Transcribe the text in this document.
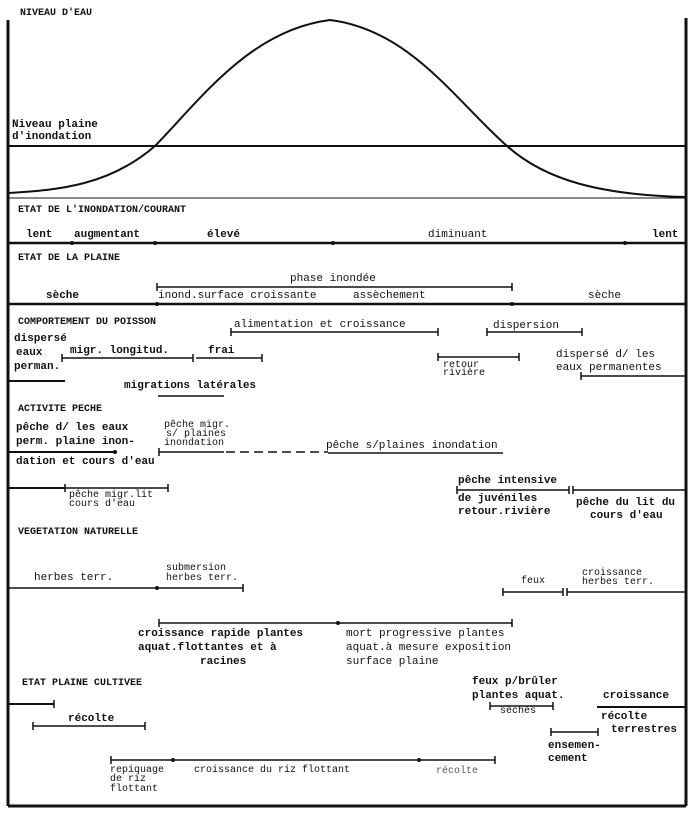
NIVEAU D'EAU
Niveau plaine
d'inondation
ETAT DE L'INONDATION/COURANT
lent augmentant	élevé	diminuant	lent
ETAT DE LA PLAINE
phase inondée
sèche	inond.surface croissante	assèchement	sèche
COMPORTEMENT DU POISSON	alimentation et croissance	dispersion
dispersé
eaux
perman.
migr. longitud.	frai
retour
rivière
dispersé d/ les
eaux permanentes
migrations latérales
ACTIVITE PECHE
pêche d/ les eaux
perm. plaine inon-
dation et cours d'eau
pêche migr.
s/ plaines
inondation	pêche s/plaines inondation
pêche migr.lit
cours d'eau
pêche intensive
de juvéniles
retour.rivière
pêche du lit du
cours d'eau
VEGETATION NATURELLE
herbes terr.
submersion
herbes terr.	feux
croissance
herbes terr.
croissance rapide plantes
aquat.flottantes et à
racines
mort progressive plantes
aquat.à mesure exposition
surface plaine
ETAT PLAINE CULTIVEE
récolte
feux p/brûler
plantes aquat.
sèchés
croissance
récolte
terrestres
ensemen-
cement
repiquage
de riz
flottant
croissance du riz flottant	récolte
